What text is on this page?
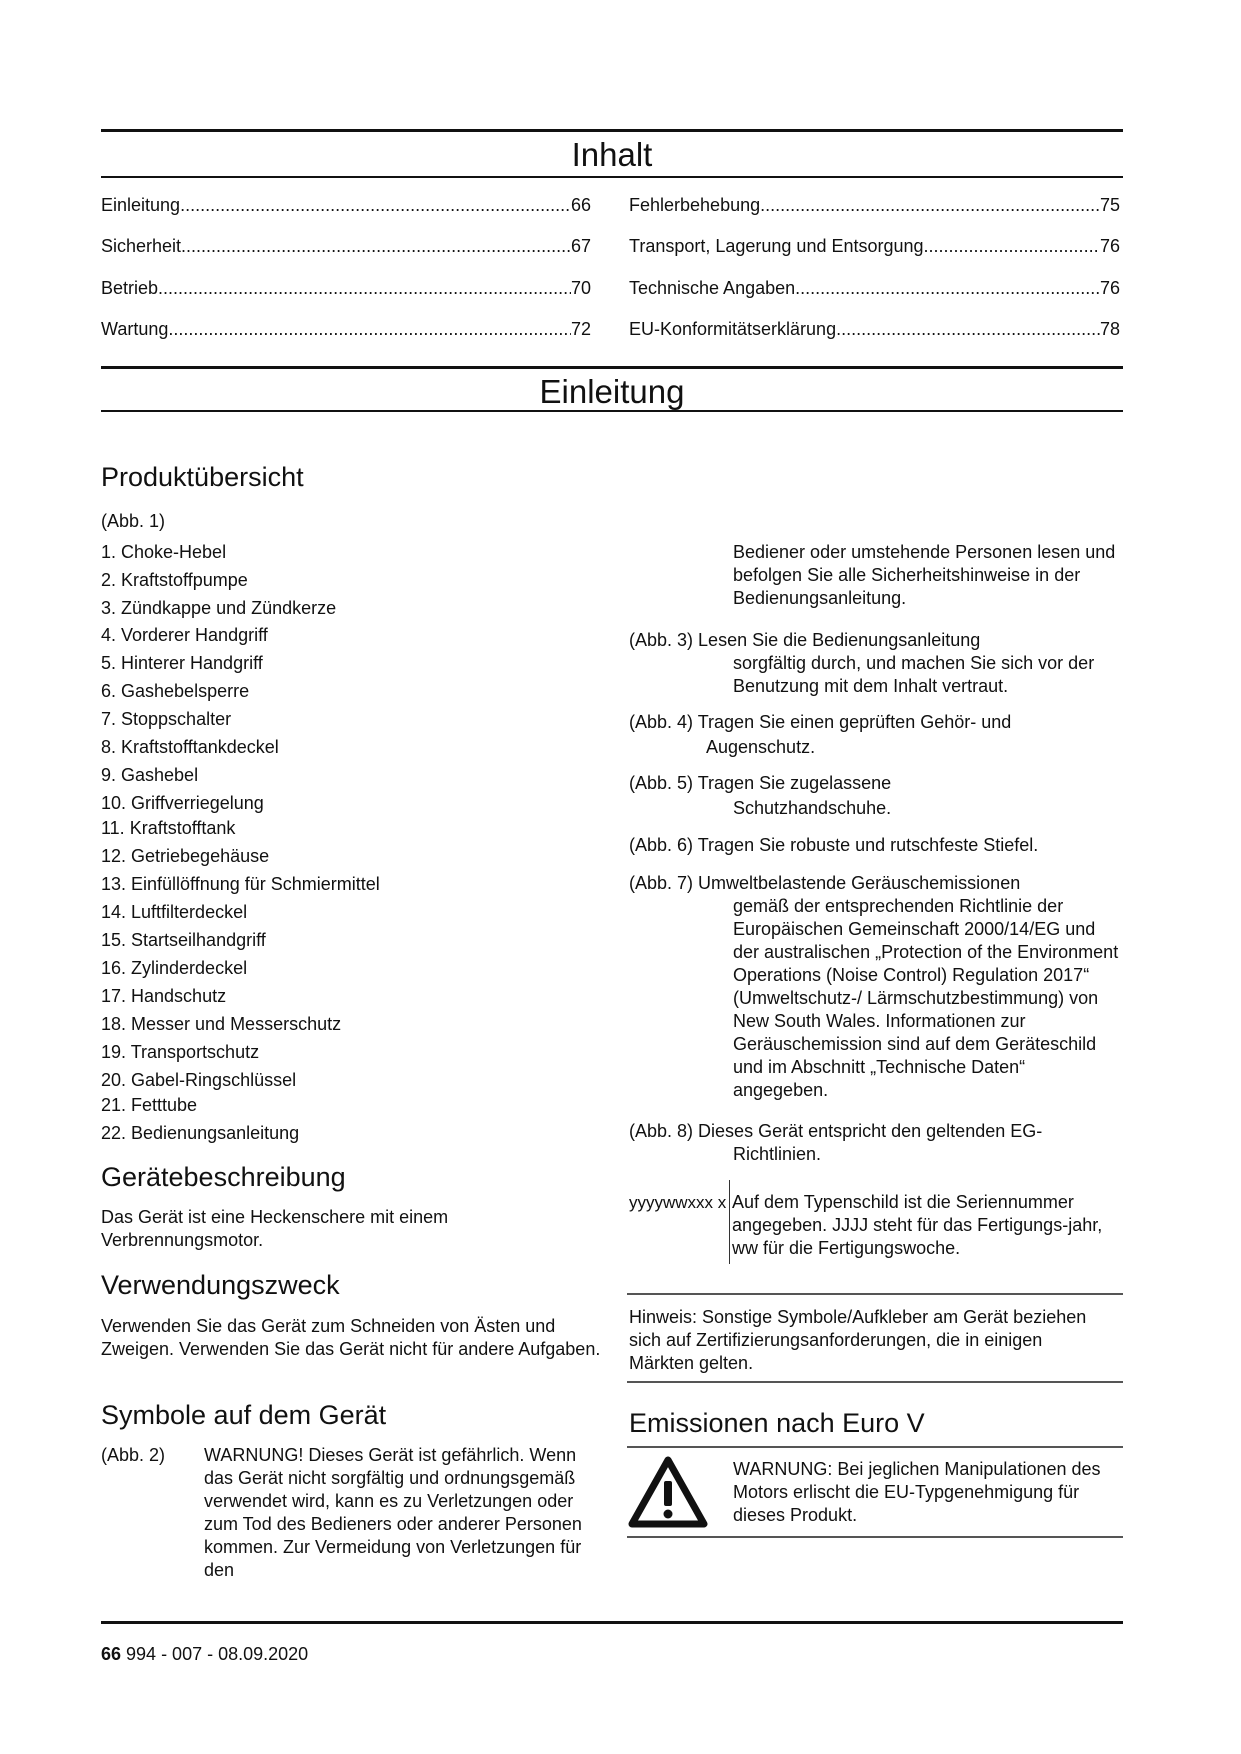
Inhalt
Einleitung .....	66
Sicherheit .....	67
Betrieb .....	70
Wartung .....	72
Fehlerbehebung .....	75
Transport, Lagerung und Entsorgung .....	76
Technische Angaben .....	76
EU-Konformitätserklärung .....	78
Einleitung
Produktübersicht
(Abb. 1)
1. Choke-Hebel
2. Kraftstoffpumpe
3. Zündkappe und Zündkerze
4. Vorderer Handgriff
5. Hinterer Handgriff
6. Gashebelsperre
7. Stoppschalter
8. Kraftstofftankdeckel
9. Gashebel
10. Griffverriegelung
11. Kraftstofftank
12. Getriebegehäuse
13. Einfüllöffnung für Schmiermittel
14. Luftfilterdeckel
15. Startseilhandgriff
16. Zylinderdeckel
17. Handschutz
18. Messer und Messerschutz
19. Transportschutz
20. Gabel-Ringschlüssel
21. Fetttube
22. Bedienungsanleitung
Gerätebeschreibung
Das Gerät ist eine Heckenschere mit einem Verbrennungsmotor.
Verwendungszweck
Verwenden Sie das Gerät zum Schneiden von Ästen und Zweigen. Verwenden Sie das Gerät nicht für andere Aufgaben.
Symbole auf dem Gerät
(Abb. 2) WARNUNG! Dieses Gerät ist gefährlich. Wenn das Gerät nicht sorgfältig und ordnungsgemäß verwendet wird, kann es zu Verletzungen oder zum Tod des Bedieners oder anderer Personen kommen. Zur Vermeidung von Verletzungen für den
Bediener oder umstehende Personen lesen und befolgen Sie alle Sicherheitshinweise in der Bedienungsanleitung.
(Abb. 3) Lesen Sie die Bedienungsanleitung
sorgfältig durch, und machen Sie sich vor der Benutzung mit dem Inhalt vertraut.
(Abb. 4) Tragen Sie einen geprüften Gehör- und
Augenschutz.
(Abb. 5) Tragen Sie zugelassene
Schutzhandschuhe.
(Abb. 6) Tragen Sie robuste und rutschfeste Stiefel.
(Abb. 7) Umweltbelastende Geräuschemissionen
gemäß der entsprechenden Richtlinie der Europäischen Gemeinschaft 2000/14/EG und der australischen „Protection of the Environment Operations (Noise Control) Regulation 2017“ (Umweltschutz-/ Lärmschutzbestimmung) von New South Wales. Informationen zur Geräuschemission sind auf dem Geräteschild und im Abschnitt „Technische Daten“ angegeben.
(Abb. 8) Dieses Gerät entspricht den geltenden EG-
Richtlinien.
yyyywwxxx x Auf dem Typenschild ist die Seriennummer angegeben. JJJJ steht für das Fertigungs-jahr, ww für die Fertigungswoche.
Hinweis: Sonstige Symbole/Aufkleber am Gerät beziehen sich auf Zertifizierungsanforderungen, die in einigen Märkten gelten.
Emissionen nach Euro V
WARNUNG: Bei jeglichen Manipulationen des Motors erlischt die EU-Typgenehmigung für dieses Produkt.
66 994 - 007 - 08.09.2020
